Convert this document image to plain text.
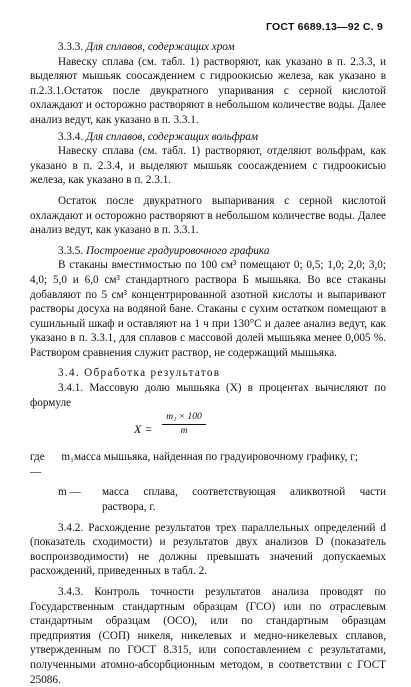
ГОСТ 6689.13—92 С. 9

3.3.3. Для сплавов, содержащих хром

Навеску сплава (см. табл. 1) растворяют, как указано в п. 2.3.3, и выделяют мышьяк соосаждением с гидроокисью железа, как указано в п.2.3.1.Остаток после двукратного упаривания с серной кислотой охлаждают и осторожно растворяют в небольшом количестве воды. Далее анализ ведут, как указано в п. 3.3.1.

3.3.4. Для сплавов, содержащих вольфрам

Навеску сплава (см. табл. 1) растворяют, отделяют вольфрам, как указано в п. 2.3.4, и выделяют мышьяк соосаждением с гидроокисью железа, как указано в п. 2.3.1.

Остаток после двукратного выпаривания с серной кислотой охлаждают и осторожно растворяют в небольшом количестве воды. Далее анализ ведут, как указано в п. 3.3.1.

3.3.5. Построение градуировочного графика

В стаканы вместимостью по 100 см³ помещают 0; 0,5; 1,0; 2,0; 3,0; 4,0; 5,0 и 6,0 см³ стандартного раствора Б мышьяка. Во все стаканы добавляют по 5 см³ концентрированной азотной кислоты и выпаривают растворы досуха на водяной бане. Стаканы с сухим остатком помещают в сушильный шкаф и оставляют на 1 ч при 130°С и далее анализ ведут, как указано в п. 3.3.1, для сплавов с массовой долей мышьяка менее 0,005 %. Раствором сравнения служит раствор, не содержащий мышьяка.

3.4. Обработка результатов

3.4.1. Массовую долю мышьяка (X) в процентах вычисляют по формуле

X =
m₁ × 100
m
где m₁ —
масса мышьяка, найденная по градуировочному графику, г;
m —	масса сплава, соответствующая аликвотной части раствора, г.

3.4.2. Расхождение результатов трех параллельных определений d (показатель сходимости) и результатов двух анализов D (показатель воспроизводимости) не должны превышать значений допускаемых расхождений, приведенных в табл. 2.

3.4.3. Контроль точности результатов анализа проводят по Государственным стандартным образцам (ГСО) или по отраслевым стандартным образцам (ОСО), или по стандартным образцам предприятия (СОП) никеля, никелевых и медно-никелевых сплавов, утвержденным по ГОСТ 8.315, или сопоставлением с результатами, полученными атомно-абсорбционным методом, в соответствии с ГОСТ 25086.
